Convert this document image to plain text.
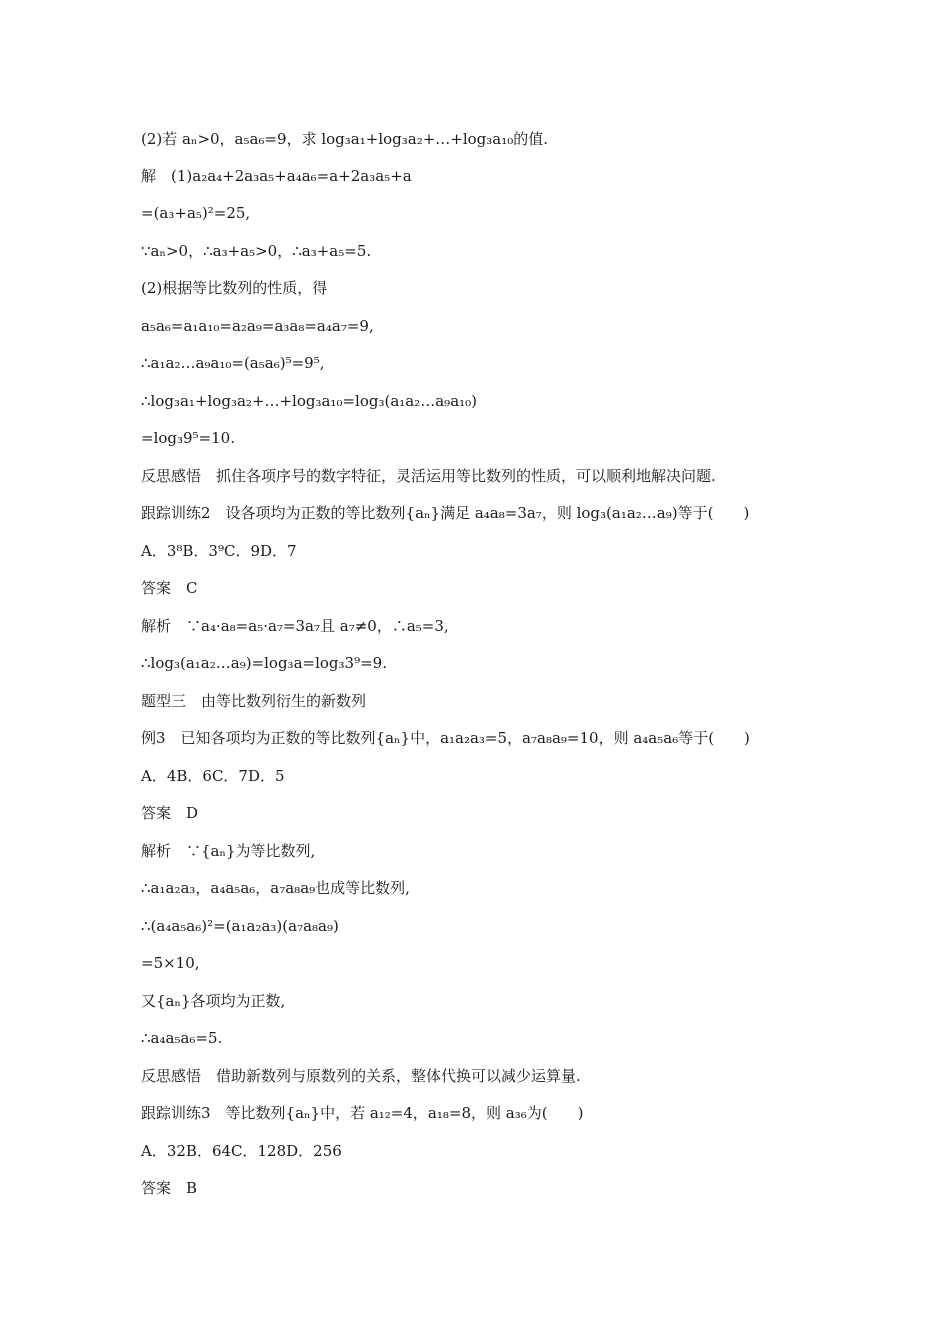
(2)若 aₙ>0，a₅a₆=9，求 log₃a₁+log₃a₂+…+log₃a₁₀的值.
解　(1)a₂a₄+2a₃a₅+a₄a₆=a+2a₃a₅+a
=(a₃+a₅)²=25,
∵aₙ>0，∴a₃+a₅>0，∴a₃+a₅=5.
(2)根据等比数列的性质，得
a₅a₆=a₁a₁₀=a₂a₉=a₃a₈=a₄a₇=9,
∴a₁a₂…a₉a₁₀=(a₅a₆)⁵=9⁵,
∴log₃a₁+log₃a₂+…+log₃a₁₀=log₃(a₁a₂…a₉a₁₀)
=log₃9⁵=10.
反思感悟　抓住各项序号的数字特征，灵活运用等比数列的性质，可以顺利地解决问题.
跟踪训练2　设各项均为正数的等比数列{aₙ}满足 a₄a₈=3a₇，则 log₃(a₁a₂…a₉)等于(　　)
A．3⁸B．3⁹C．9D．7
答案　C
解析　∵a₄·a₈=a₅·a₇=3a₇且 a₇≠0，∴a₅=3,
∴log₃(a₁a₂…a₉)=log₃a=log₃3⁹=9.
题型三　由等比数列衍生的新数列
例3　已知各项均为正数的等比数列{aₙ}中，a₁a₂a₃=5，a₇a₈a₉=10，则 a₄a₅a₆等于(　　)
A．4B．6C．7D．5
答案　D
解析　∵{aₙ}为等比数列,
∴a₁a₂a₃，a₄a₅a₆，a₇a₈a₉也成等比数列,
∴(a₄a₅a₆)²=(a₁a₂a₃)(a₇a₈a₉)
=5×10,
又{aₙ}各项均为正数,
∴a₄a₅a₆=5.
反思感悟　借助新数列与原数列的关系，整体代换可以减少运算量.
跟踪训练3　等比数列{aₙ}中，若 a₁₂=4，a₁₈=8，则 a₃₆为(　　)
A．32B．64C．128D．256
答案　B
